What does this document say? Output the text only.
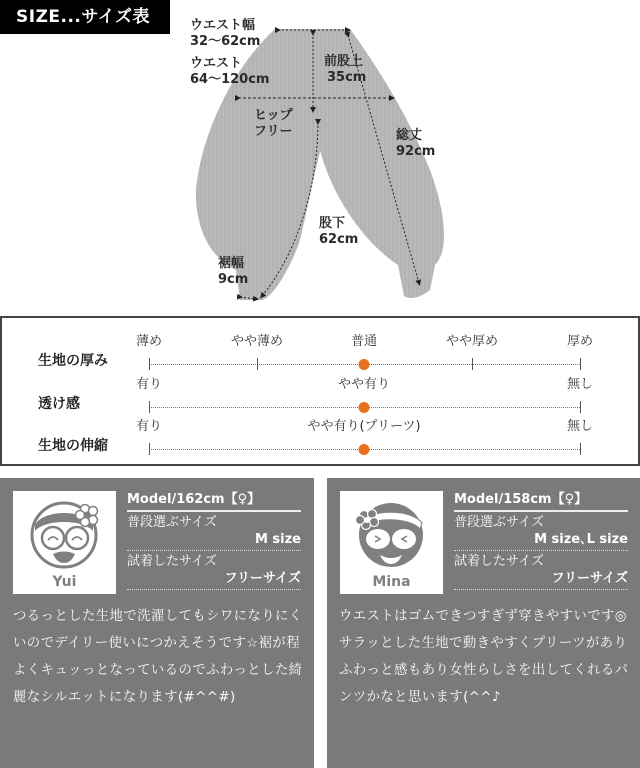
SIZE...サイズ表	ウエスト幅
32〜62cm
ウエスト
64〜120cm
前股上
35cm
ヒップ
フリー	総丈
92cm
股下
62cm
裾幅
9cm
生地の厚み
薄め	やや薄め	普通	やや厚め	厚め
透け感
有り	やや有り	無し
生地の伸縮
有り	やや有り(プリーツ)	無し
Yui
Model/162cm【♀】
普段選ぶサイズ
M size
試着したサイズ
フリーサイズ
つるっとした生地で洗濯してもシワになりにくいのでデイリー使いにつかえそうです☆裾が程よくキュッっとなっているのでふわっとした綺麗なシルエットになります(#^^#)
Mina
Model/158cm【♀】
普段選ぶサイズ
M size､L size
試着したサイズ
フリーサイズ
ウエストはゴムできつすぎず穿きやすいです◎サラッとした生地で動きやすくプリーツがありふわっと感もあり女性らしさを出してくれるパンツかなと思います(^^♪
